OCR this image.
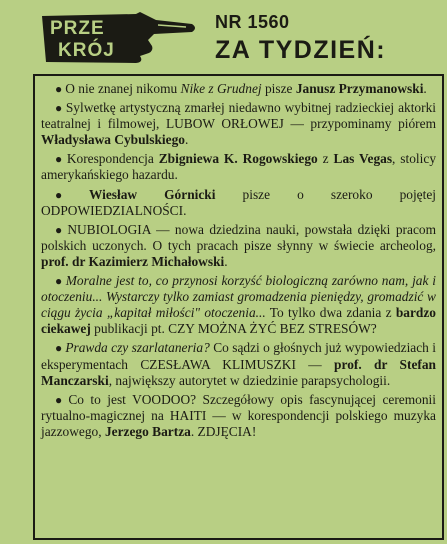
PRZE
KRÓJ
NR 1560
ZA TYDZIEŃ:

● O nie znanej nikomu Nike z Grudnej pisze Janusz Przymanowski.

● Sylwetkę artystyczną zmarłej niedawno wybitnej radzieckiej aktorki teatralnej i filmowej, LUBOW ORŁOWEJ — przypominamy piórem Władysława Cybulskiego.

● Korespondencja Zbigniewa K. Rogowskiego z Las Vegas, stolicy amerykańskiego hazardu.

● Wiesław Górnicki pisze o szeroko pojętej ODPOWIEDZIALNOŚCI.

● NUBIOLOGIA — nowa dziedzina nauki, powstała dzięki pracom polskich uczonych. O tych pracach pisze słynny w świecie archeolog, prof. dr Kazimierz Michałowski.

● Moralne jest to, co przynosi korzyść biologiczną zarówno nam, jak i otoczeniu... Wystarczy tylko zamiast gromadzenia pieniędzy, gromadzić w ciągu życia „kapitał miłości" otoczenia... To tylko dwa zdania z bardzo ciekawej publikacji pt. CZY MOŻNA ŻYĆ BEZ STRESÓW?

● Prawda czy szarlataneria? Co sądzi o głośnych już wypowiedziach i eksperymentach CZESŁAWA KLIMUSZKI — prof. dr Stefan Manczarski, największy autorytet w dziedzinie parapsychologii.

● Co to jest VOODOO? Szczegółowy opis fascynującej ceremonii rytualno-magicznej na HAITI — w korespondencji polskiego muzyka jazzowego, Jerzego Bartza. ZDJĘCIA!
